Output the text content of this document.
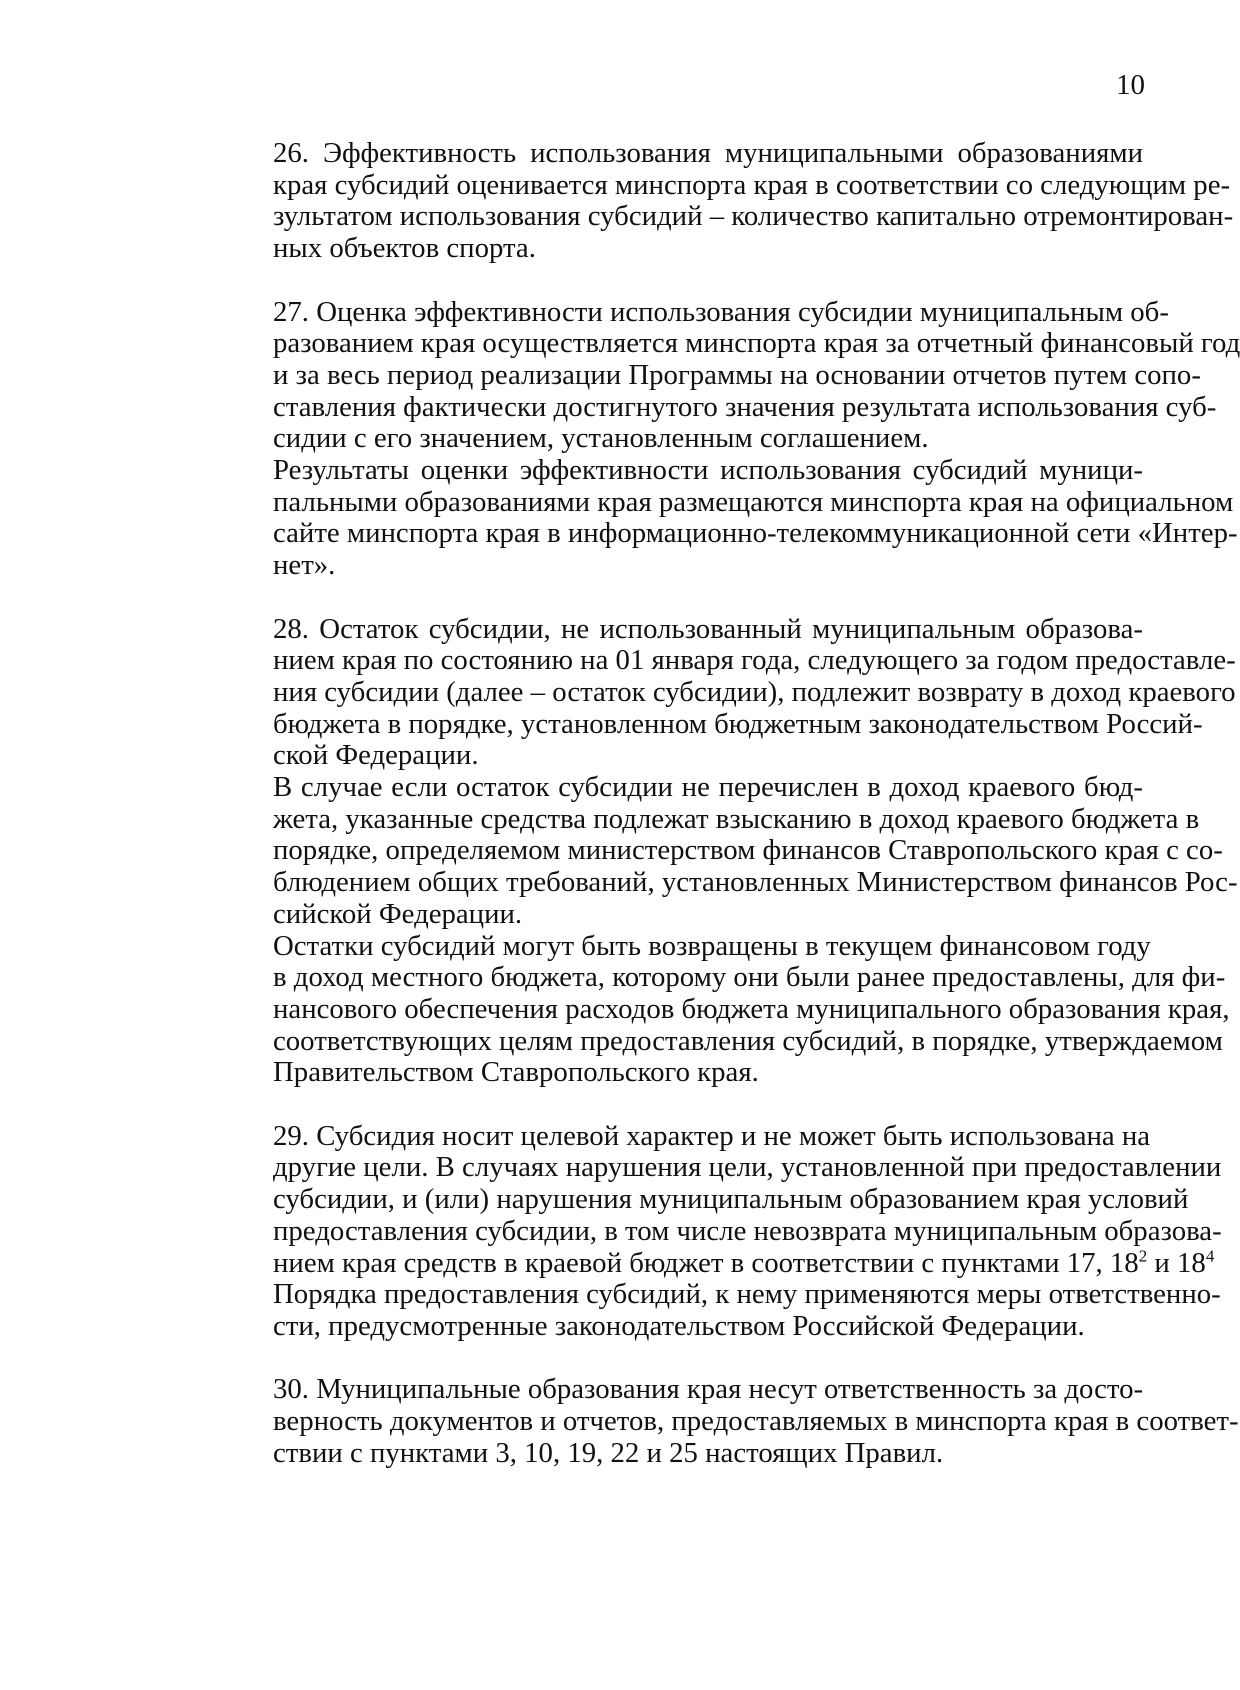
10

26. Эффективность использования муниципальными образованиями
края субсидий оценивается минспорта края в соответствии со следующим ре-
зультатом использования субсидий – количество капитально отремонтирован-
ных объектов спорта.

27. Оценка эффективности использования субсидии муниципальным об-
разованием края осуществляется минспорта края за отчетный финансовый год
и за весь период реализации Программы на основании отчетов путем сопо-
ставления фактически достигнутого значения результата использования суб-
сидии с его значением, установленным соглашением.

Результаты оценки эффективности использования субсидий муници-
пальными образованиями края размещаются минспорта края на официальном
сайте минспорта края в информационно-телекоммуникационной сети «Интер-
нет».

28. Остаток субсидии, не использованный муниципальным образова-
нием края по состоянию на 01 января года, следующего за годом предоставле-
ния субсидии (далее – остаток субсидии), подлежит возврату в доход краевого
бюджета в порядке, установленном бюджетным законодательством Россий-
ской Федерации.

В случае если остаток субсидии не перечислен в доход краевого бюд-
жета, указанные средства подлежат взысканию в доход краевого бюджета в
порядке, определяемом министерством финансов Ставропольского края с со-
блюдением общих требований, установленных Министерством финансов Рос-
сийской Федерации.

Остатки субсидий могут быть возвращены в текущем финансовом году
в доход местного бюджета, которому они были ранее предоставлены, для фи-
нансового обеспечения расходов бюджета муниципального образования края,
соответствующих целям предоставления субсидий, в порядке, утверждаемом
Правительством Ставропольского края.

29. Субсидия носит целевой характер и не может быть использована на
другие цели. В случаях нарушения цели, установленной при предоставлении
субсидии, и (или) нарушения муниципальным образованием края условий
предоставления субсидии, в том числе невозврата муниципальным образова-
нием края средств в краевой бюджет в соответствии с пунктами 17, $18^2$ и $18^4$
Порядка предоставления субсидий, к нему применяются меры ответственно-
сти, предусмотренные законодательством Российской Федерации.

30. Муниципальные образования края несут ответственность за досто-
верность документов и отчетов, предоставляемых в минспорта края в соответ-
ствии с пунктами 3, 10, 19, 22 и 25 настоящих Правил.
